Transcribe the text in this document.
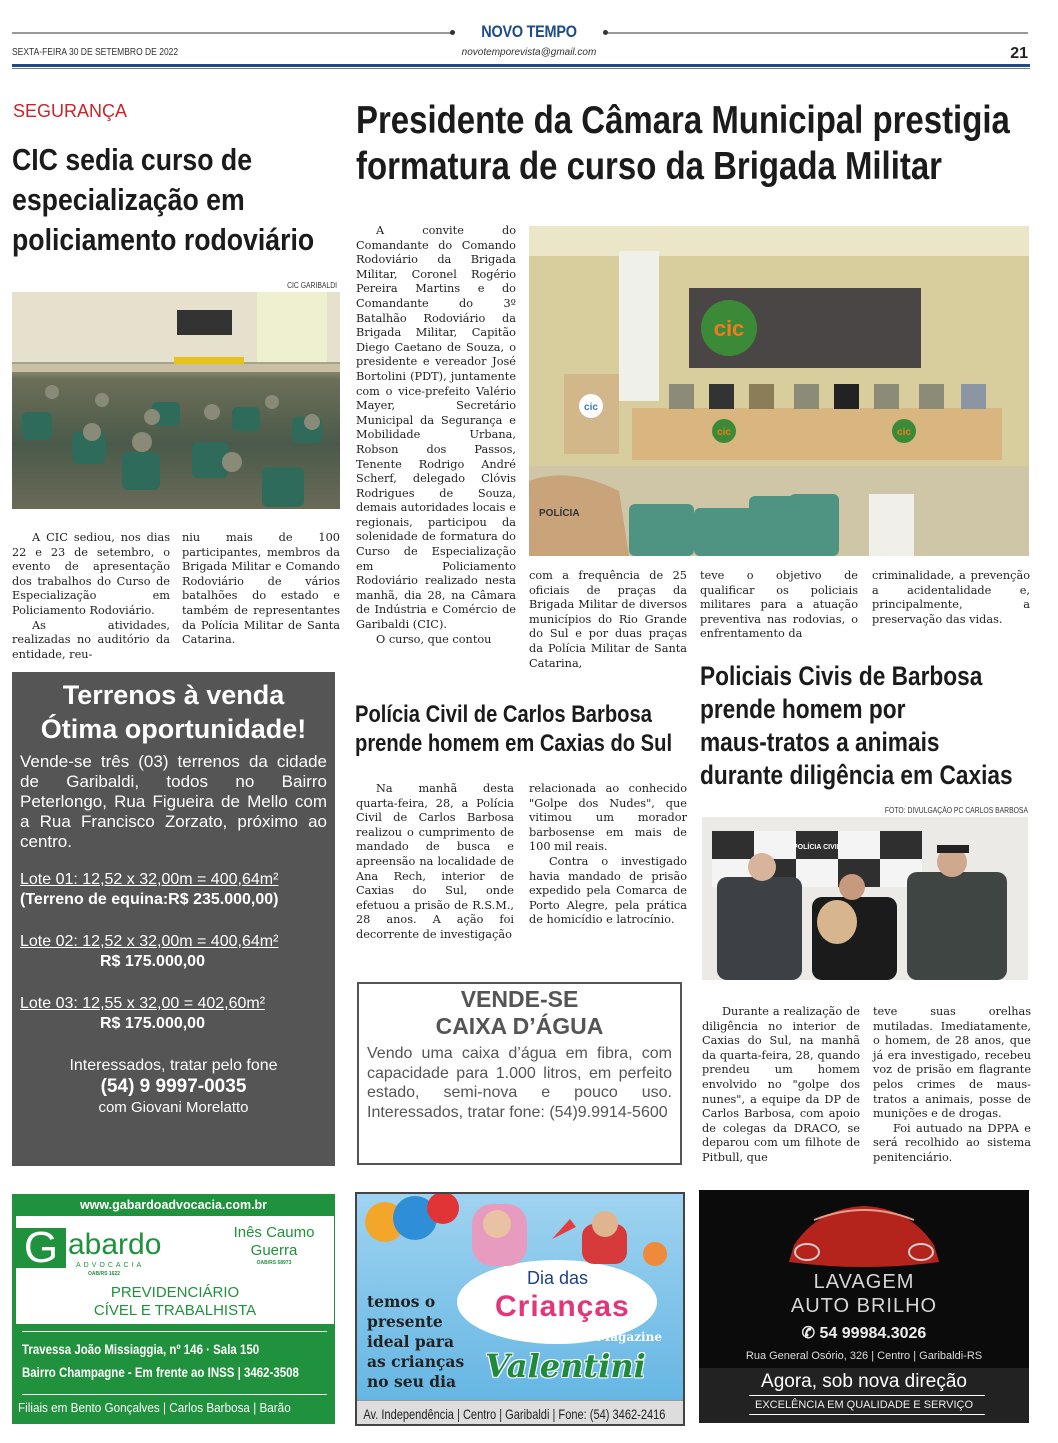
NOVO TEMPO
SEXTA-FEIRA 30 DE SETEMBRO DE 2022	novotemporevista@gmail.com	21
SEGURANÇA
CIC sedia curso de
especialização em
policiamento rodoviário
CIC GARIBALDI

A CIC sediou, nos dias 22 e 23 de setembro, o evento de apresentação dos trabalhos do Curso de Especialização em Policiamento Rodoviário.

As atividades, realizadas no auditório da entidade, reu-

niu mais de 100 participantes, membros da Brigada Militar e Comando Rodoviário de vários batalhões do estado e também de representantes da Polícia Militar de Santa Catarina.

Presidente da Câmara Municipal prestigia
formatura de curso da Brigada Militar

A convite do Comandante do Comando Rodoviário da Brigada Militar, Coronel Rogério Pereira Martins e do Comandante do 3º Batalhão Rodoviário da Brigada Militar, Capitão Diego Caetano de Souza, o presidente e vereador José Bortolini (PDT), juntamente com o vice-prefeito Valério Mayer, Secretário Municipal da Segurança e Mobilidade Urbana, Robson dos Passos, Tenente Rodrigo André Scherf, delegado Clóvis Rodrigues de Souza, demais autoridades locais e regionais, participou da solenidade de formatura do Curso de Especialização em Policiamento Rodoviário realizado nesta manhã, dia 28, na Câmara de Indústria e Comércio de Garibaldi (CIC).

O curso, que contou

cic
cic
cic	cic
POLÍCIA
com a frequência de 25 oficiais de praças da Brigada Militar de diversos municípios do Rio Grande do Sul e por duas praças da Polícia Militar de Santa Catarina,
teve o objetivo de qualificar os policiais militares para a atuação preventiva nas rodovias, o enfrentamento da
criminalidade, a prevenção a acidentalidade e, principalmente, a preservação das vidas.
Polícia Civil de Carlos Barbosa
prende homem em Caxias do Sul

Na manhã desta quarta-feira, 28, a Polícia Civil de Carlos Barbosa realizou o cumprimento de mandado de busca e apreensão na localidade de Ana Rech, interior de Caxias do Sul, onde efetuou a prisão de R.S.M., 28 anos. A ação foi decorrente de investigação

relacionada ao conhecido "Golpe dos Nudes", que vitimou um morador barbosense em mais de 100 mil reais.

Contra o investigado havia mandado de prisão expedido pela Comarca de Porto Alegre, pela prática de homicídio e latrocínio.

Policiais Civis de Barbosa
prende homem por
maus-tratos a animais
durante diligência em Caxias
FOTO: DIVULGAÇÃO PC CARLOS BARBOSA
POLÍCIA CIVIL

Durante a realização de diligência no interior de Caxias do Sul, na manhã da quarta-feira, 28, quando prendeu um homem envolvido no "golpe dos nunes", a equipe da DP de Carlos Barbosa, com apoio de colegas da DRACO, se deparou com um filhote de Pitbull, que

teve suas orelhas mutiladas. Imediatamente, o homem, de 28 anos, que já era investigado, recebeu voz de prisão em flagrante pelos crimes de maus-tratos a animais, posse de munições e de drogas.

Foi autuado na DPPA e será recolhido ao sistema penitenciário.

Terrenos à venda
Ótima oportunidade!
Vende-se três (03) terrenos da cidade de Garibaldi, todos no Bairro Peterlongo, Rua Figueira de Mello com a Rua Francisco Zorzato, próximo ao centro.
Lote 01: 12,52 x 32,00m = 400,64m²
(Terreno de equina:R$ 235.000,00)
Lote 02: 12,52 x 32,00m = 400,64m²
R$ 175.000,00
Lote 03: 12,55 x 32,00 = 402,60m²
R$ 175.000,00
Interessados, tratar pelo fone
(54) 9 9997-0035
com Giovani Morelatto
VENDE-SE
CAIXA D’ÁGUA
Vendo uma caixa d’água em fibra, com capacidade para 1.000 litros, em perfeito estado, semi-nova e pouco uso. Interessados, tratar fone: (54)9.9914-5600
www.gabardoadvocacia.com.br
G abardo
ADVOCACIA
OAB/RS 1622
Inês Caumo
Guerra
OAB/RS 58973
PREVIDENCIÁRIO
CÍVEL E TRABALHISTA
Travessa João Missiaggia, nº 146 · Sala 150
Bairro Champagne - Em frente ao INSS | 3462-3508
Filiais em Bento Gonçalves | Carlos Barbosa | Barão
temos o
presente
ideal para
as crianças
no seu dia
Dia das
Crianças
Magazine
Valentini
Av. Independência | Centro | Garibaldi | Fone: (54) 3462-2416
LAVAGEM
AUTO BRILHO
✆ 54 99984.3026
Rua General Osório, 326 | Centro | Garibaldi-RS
Agora, sob nova direção
EXCELÊNCIA EM QUALIDADE E SERVIÇO
